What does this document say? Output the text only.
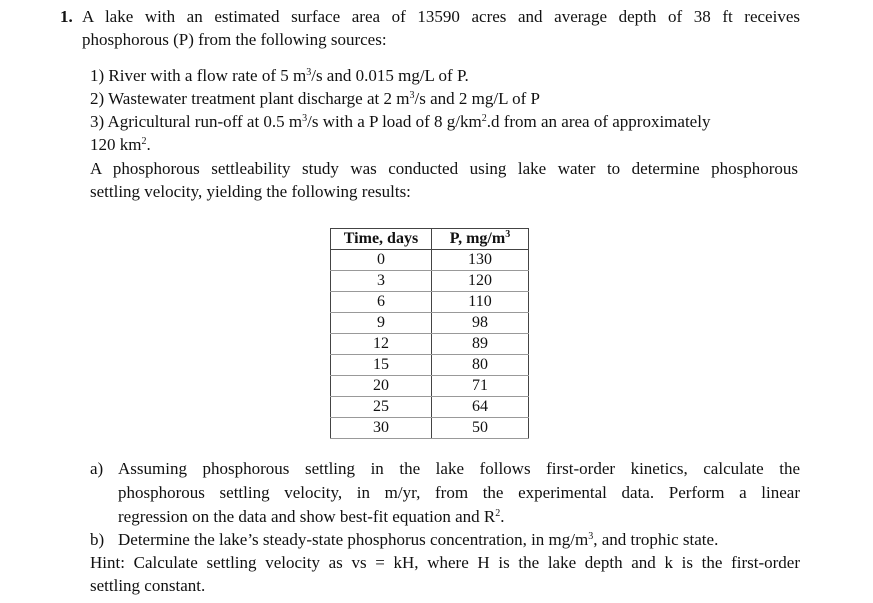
1. A lake with an estimated surface area of 13590 acres and average depth of 38 ft receives
phosphorous (P) from the following sources:
1) River with a flow rate of 5 $m^3/s$ and 0.015 mg/L of P.
2) Wastewater treatment plant discharge at 2 $m^3/s$ and 2 mg/L of P
3) Agricultural run-off at 0.5 $m^3/s$ with a P load of 8 $g/km^2.d$ from an area of approximately
120 $km^2$.
A phosphorous settleability study was conducted using lake water to determine phosphorous
settling velocity, yielding the following results:
Time, days	P, $mg/m^3$
0	130
3	120
6	110
9	98
12	89
15	80
20	71
25	64
30	50
a) Assuming phosphorous settling in the lake follows first-order kinetics, calculate the
phosphorous settling velocity, in m/yr, from the experimental data. Perform a linear
regression on the data and show best-fit equation and $R^2$.
b) Determine the lake’s steady-state phosphorus concentration, in $mg/m^3$, and trophic state.
Hint: Calculate settling velocity as vs = kH, where H is the lake depth and k is the first-order
settling constant.
